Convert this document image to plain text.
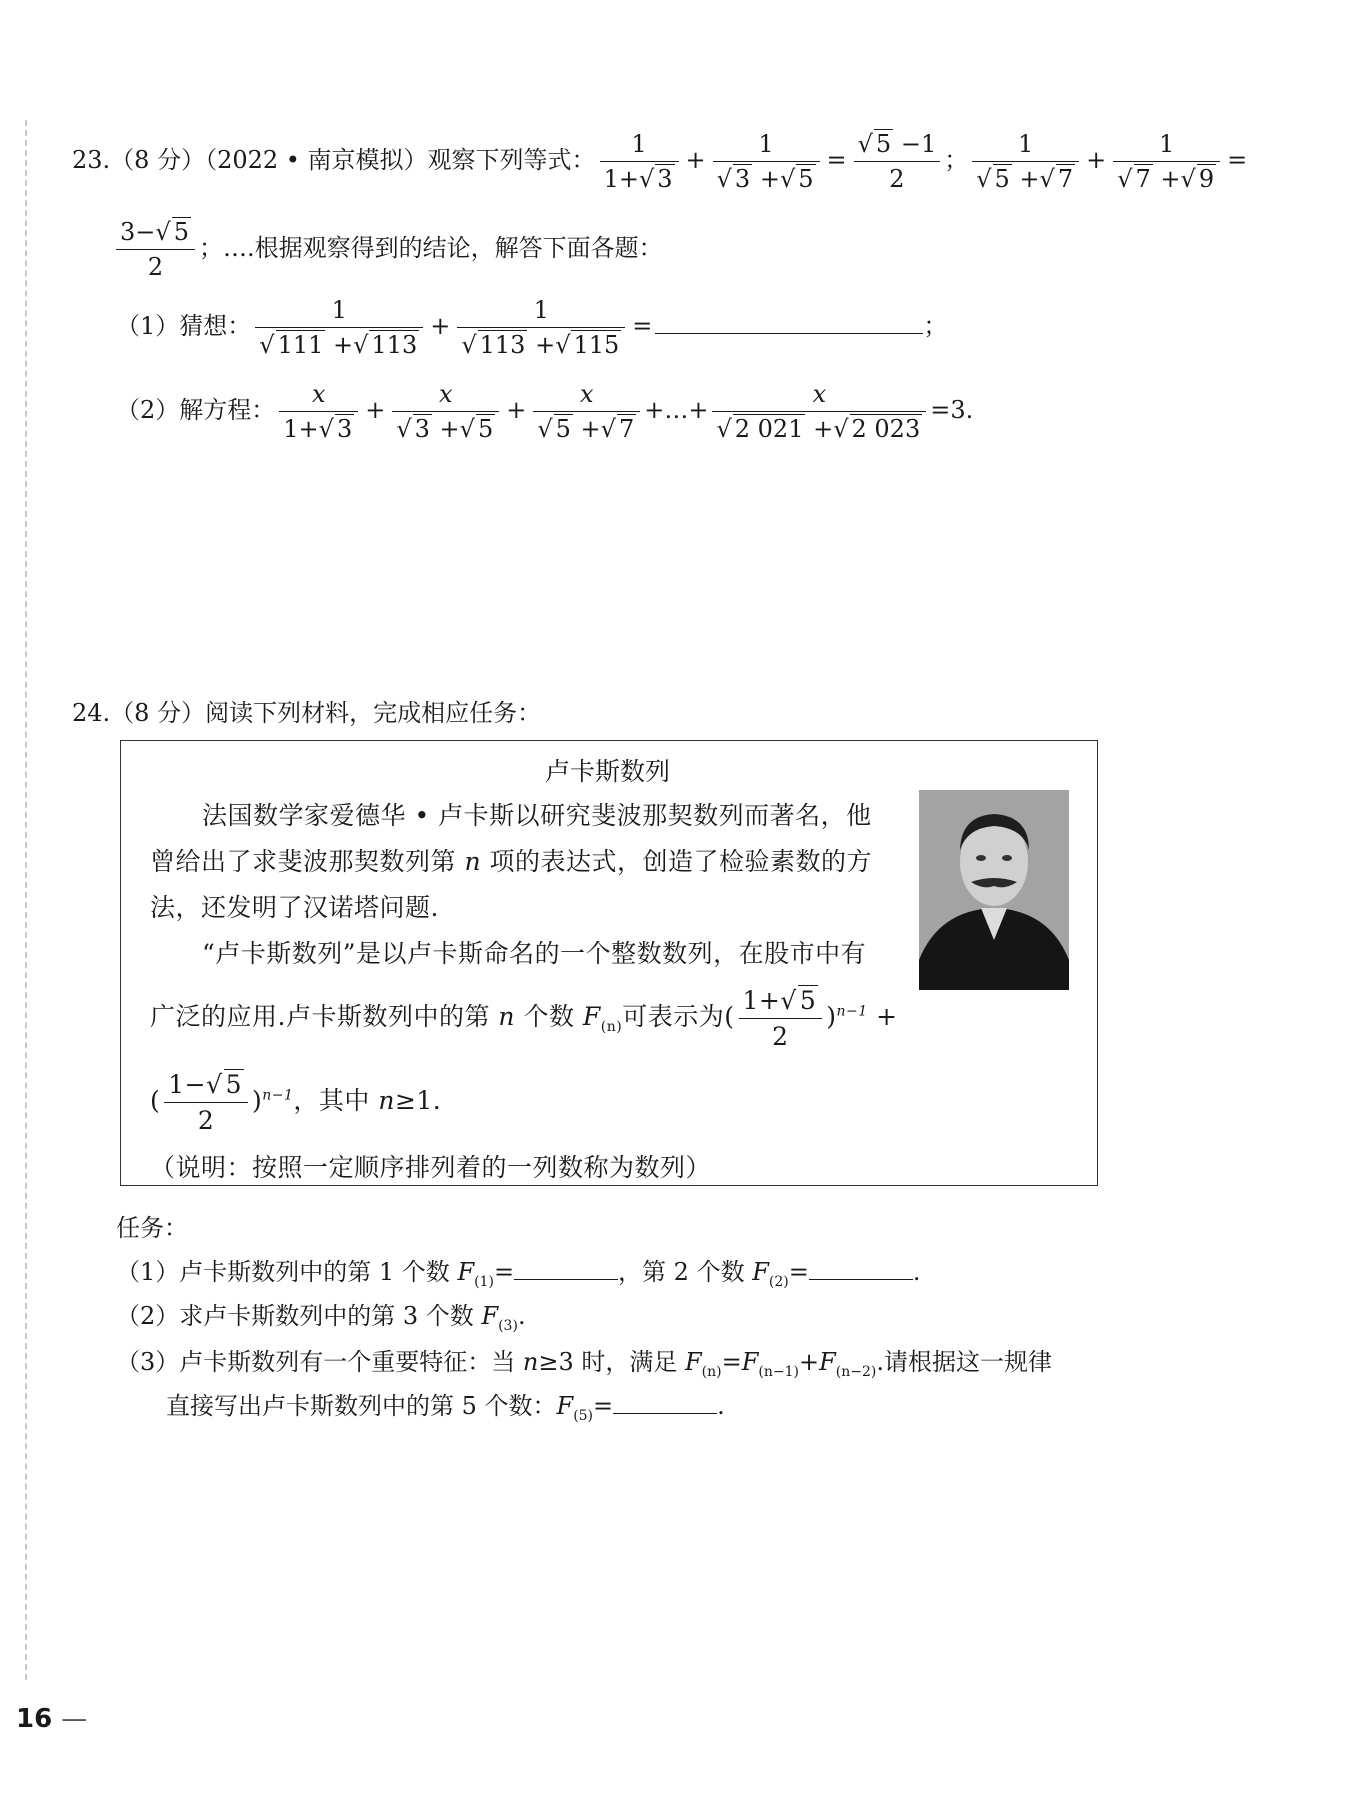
23.（8 分）（2022 • 南京模拟）观察下列等式： $\frac{1}{1+√ 3} + \frac{1}{√ 3 +√ 5} = \frac{√ 5 -1}{2}$ ； $\frac{1}{√ 5 +√ 7} + \frac{1}{√ 7 +√ 9}$ =
$\frac{3-√ 5}{2}$ ；….根据观察得到的结论，解答下面各题：
（1）猜想： $\frac{1}{√ 111 +√ 113} + \frac{1}{√ 113 +√ 115}$ =	；
（2）解方程： $\frac{x}{1+√ 3} + \frac{x}{√ 3 +√ 5} + \frac{x}{√ 5 +√ 7}$ +…+ $\frac{x}{√ 2 021 +√ 2 023} =3$.
24.（8 分）阅读下列材料，完成相应任务：
卢卡斯数列
法国数学家爱德华 • 卢卡斯以研究斐波那契数列而著名，他
曾给出了求斐波那契数列第 n 项的表达式，创造了检验素数的方
法，还发明了汉诺塔问题.
“卢卡斯数列”是以卢卡斯命名的一个整数数列，在股市中有
广泛的应用.卢卡斯数列中的第 n 个数 $F_{(n)}$可表示为( $\frac{1+√ 5}{2} )^{n-1}$ +
( $\frac{1-√ 5}{2} )^{n-1}$，其中 n≥1.
（说明：按照一定顺序排列着的一列数称为数列）
任务：
（1）卢卡斯数列中的第 1 个数 $F_{(1)}=$	，第 2 个数 $F_{(2)}=$	.
（2）求卢卡斯数列中的第 3 个数 $F_{(3)}$.
（3）卢卡斯数列有一个重要特征：当 n≥3 时，满足 $F_{(n)}=F_{(n-1)}+F_{(n-2)}$.请根据这一规律
直接写出卢卡斯数列中的第 5 个数：$F_{(5)}=$	.
16 —
